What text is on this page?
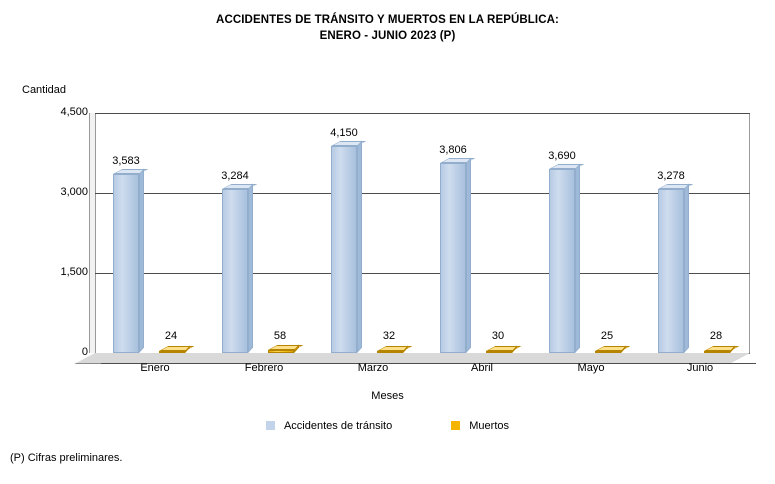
ACCIDENTES DE TRÁNSITO Y MUERTOS EN LA REPÚBLICA:
ENERO - JUNIO 2023 (P)
Cantidad
4,500
3,000
1,500
0
3,583
24
3,284
58
4,150
32
3,806
30
3,690
25
3,278
28
Enero	Febrero	Marzo	Abril	Mayo	Junio
Meses
Accidentes de tránsito	Muertos
(P) Cifras preliminares.
